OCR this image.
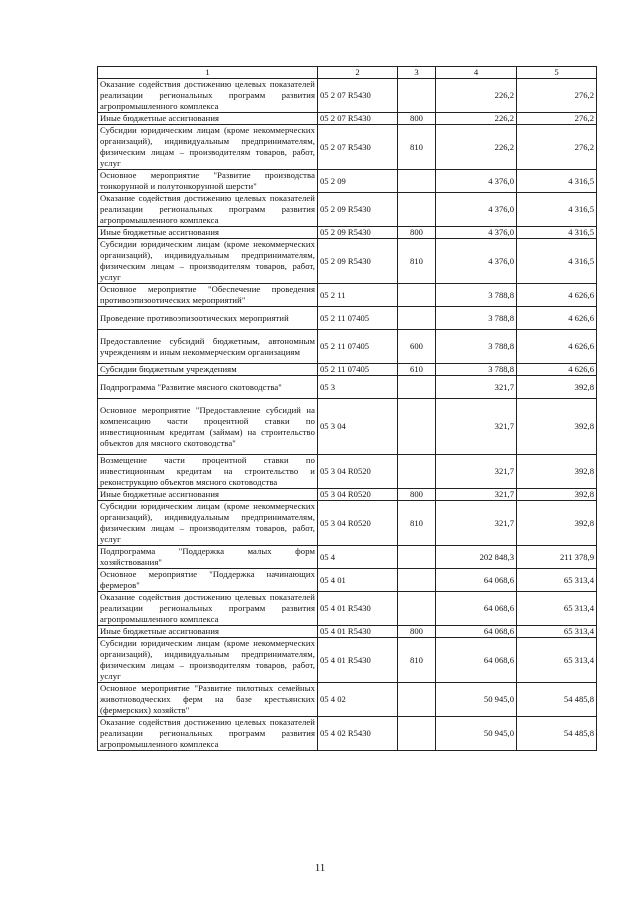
1	2	3	4	5
Оказание содействия достижению целевых показателей реализации региональных программ развития агропромышленного комплекса	05 2 07 R5430		226,2	276,2
Иные бюджетные ассигнования	05 2 07 R5430	800	226,2	276,2
Субсидии юридическим лицам (кроме некоммерческих организаций), индивидуальным предпринимателям, физическим лицам – производителям товаров, работ, услуг	05 2 07 R5430	810	226,2	276,2
Основное мероприятие "Развитие производства тонкорунной и полутонкорунной шерсти"	05 2 09		4 376,0	4 316,5
Оказание содействия достижению целевых показателей реализации региональных программ развития агропромышленного комплекса	05 2 09 R5430		4 376,0	4 316,5
Иные бюджетные ассигнования	05 2 09 R5430	800	4 376,0	4 316,5
Субсидии юридическим лицам (кроме некоммерческих организаций), индивидуальным предпринимателям, физическим лицам – производителям товаров, работ, услуг	05 2 09 R5430	810	4 376,0	4 316,5
Основное мероприятие "Обеспечение проведения противоэпизоотических мероприятий"	05 2 11		3 788,8	4 626,6
Проведение противоэпизоотических мероприятий	05 2 11 07405		3 788,8	4 626,6
Предоставление субсидий бюджетным, автономным учреждениям и иным некоммерческим организациям	05 2 11 07405	600	3 788,8	4 626,6
Субсидии бюджетным учреждениям	05 2 11 07405	610	3 788,8	4 626,6
Подпрограмма "Развитие мясного скотоводства"	05 3		321,7	392,8
Основное мероприятие "Предоставление субсидий на компенсацию части процентной ставки по инвестиционным кредитам (займам) на строительство объектов для мясного скотоводства"	05 3 04		321,7	392,8
Возмещение части процентной ставки по инвестиционным кредитам на строительство и реконструкцию объектов мясного скотоводства	05 3 04 R0520		321,7	392,8
Иные бюджетные ассигнования	05 3 04 R0520	800	321,7	392,8
Субсидии юридическим лицам (кроме некоммерческих организаций), индивидуальным предпринимателям, физическим лицам – производителям товаров, работ, услуг	05 3 04 R0520	810	321,7	392,8
Подпрограмма "Поддержка малых форм хозяйствования"	05 4		202 848,3	211 378,9
Основное мероприятие "Поддержка начинающих фермеров"	05 4 01		64 068,6	65 313,4
Оказание содействия достижению целевых показателей реализации региональных программ развития агропромышленного комплекса	05 4 01 R5430		64 068,6	65 313,4
Иные бюджетные ассигнования	05 4 01 R5430	800	64 068,6	65 313,4
Субсидии юридическим лицам (кроме некоммерческих организаций), индивидуальным предпринимателям, физическим лицам – производителям товаров, работ, услуг	05 4 01 R5430	810	64 068,6	65 313,4
Основное мероприятие "Развитие пилотных семейных животноводческих ферм на базе крестьянских (фермерских) хозяйств"	05 4 02		50 945,0	54 485,8
Оказание содействия достижению целевых показателей реализации региональных программ развития агропромышленного комплекса	05 4 02 R5430		50 945,0	54 485,8
11
